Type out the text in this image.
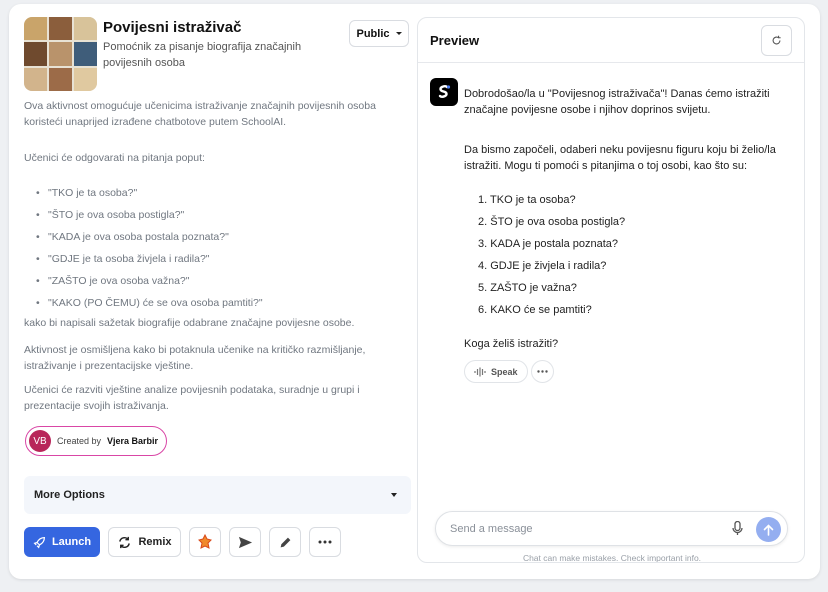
Povijesni istraživač
Pomoćnik za pisanje biografija značajnih povijesnih osoba
Public
Ova aktivnost omogućuje učenicima istraživanje značajnih povijesnih osoba koristeći unaprijed izrađene chatbotove putem SchoolAI.
Učenici će odgovarati na pitanja poput:
• "TKO je ta osoba?"
• "ŠTO je ova osoba postigla?"
• "KADA je ova osoba postala poznata?"
• "GDJE je ta osoba živjela i radila?"
• "ZAŠTO je ova osoba važna?"
• "KAKO (PO ČEMU) će se ova osoba pamtiti?"
kako bi napisali sažetak biografije odabrane značajne povijesne osobe.
Aktivnost je osmišljena kako bi potaknula učenike na kritičko razmišljanje, istraživanje i prezentacijske vještine.
Učenici će razviti vještine analize povijesnih podataka, suradnje u grupi i prezentacije svojih istraživanja.
VB	Created by Vjera Barbir
More Options
Launch	Remix
Preview
Dobrodošao/la u "Povijesnog istraživača"! Danas ćemo istražiti značajne povijesne osobe i njihov doprinos svijetu.
Da bismo započeli, odaberi neku povijesnu figuru koju bi želio/la istražiti. Mogu ti pomoći s pitanjima o toj osobi, kao što su:
1. TKO je ta osoba?
2. ŠTO je ova osoba postigla?
3. KADA je postala poznata?
4. GDJE je živjela i radila?
5. ZAŠTO je važna?
6. KAKO će se pamtiti?
Koga želiš istražiti?
Speak
Send a message
Chat can make mistakes. Check important info.
